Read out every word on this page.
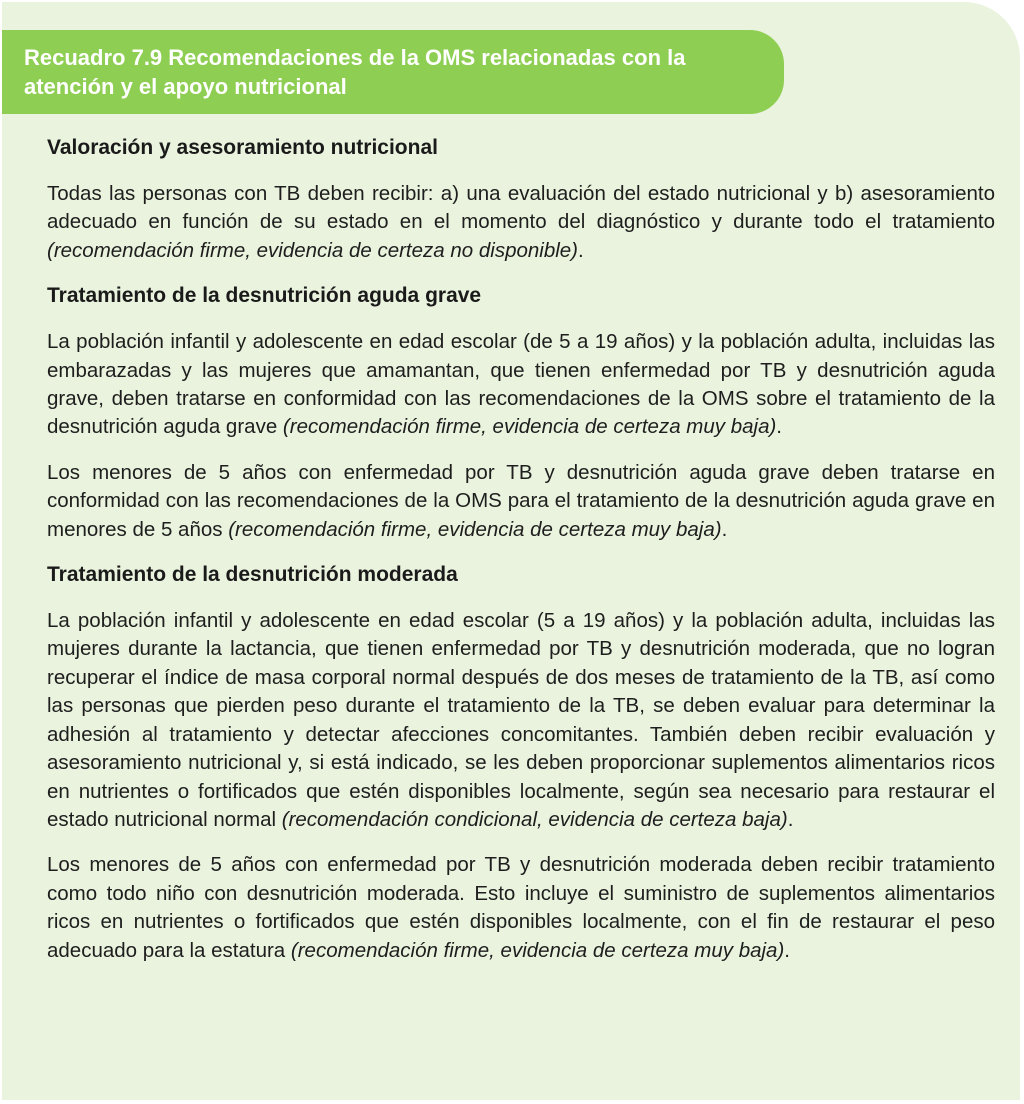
Recuadro 7.9 Recomendaciones de la OMS relacionadas con la atención y el apoyo nutricional
Valoración y asesoramiento nutricional

Todas las personas con TB deben recibir: a) una evaluación del estado nutricional y b) asesoramiento adecuado en función de su estado en el momento del diagnóstico y durante todo el tratamiento (recomendación firme, evidencia de certeza no disponible).

Tratamiento de la desnutrición aguda grave

La población infantil y adolescente en edad escolar (de 5 a 19 años) y la población adulta, incluidas las embarazadas y las mujeres que amamantan, que tienen enfermedad por TB y desnutrición aguda grave, deben tratarse en conformidad con las recomendaciones de la OMS sobre el tratamiento de la desnutrición aguda grave (recomendación firme, evidencia de certeza muy baja).

Los menores de 5 años con enfermedad por TB y desnutrición aguda grave deben tratarse en conformidad con las recomendaciones de la OMS para el tratamiento de la desnutrición aguda grave en menores de 5 años (recomendación firme, evidencia de certeza muy baja).

Tratamiento de la desnutrición moderada

La población infantil y adolescente en edad escolar (5 a 19 años) y la población adulta, incluidas las mujeres durante la lactancia, que tienen enfermedad por TB y desnutrición moderada, que no logran recuperar el índice de masa corporal normal después de dos meses de tratamiento de la TB, así como las personas que pierden peso durante el tratamiento de la TB, se deben evaluar para determinar la adhesión al tratamiento y detectar afecciones concomitantes. También deben recibir evaluación y asesoramiento nutricional y, si está indicado, se les deben proporcionar suplementos alimentarios ricos en nutrientes o fortificados que estén disponibles localmente, según sea necesario para restaurar el estado nutricional normal (recomendación condicional, evidencia de certeza baja).

Los menores de 5 años con enfermedad por TB y desnutrición moderada deben recibir tratamiento como todo niño con desnutrición moderada. Esto incluye el suministro de suplementos alimentarios ricos en nutrientes o fortificados que estén disponibles localmente, con el fin de restaurar el peso adecuado para la estatura (recomendación firme, evidencia de certeza muy baja).
